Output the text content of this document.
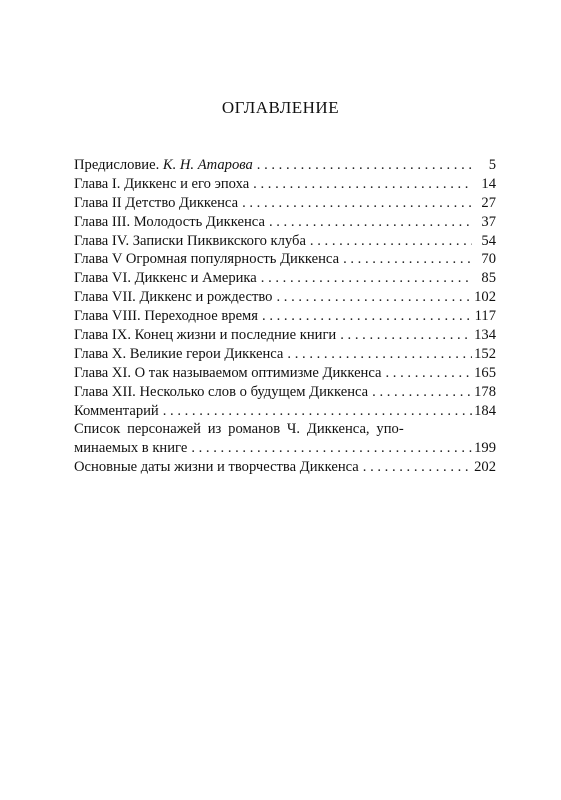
ОГЛАВЛЕНИЕ
Предисловие. К. Н. Атарова . . .	5
Глава I. Диккенс и его эпоха . . .	14
Глава II Детство Диккенса . . .	27
Глава III. Молодость Диккенса . . .	37
Глава IV. Записки Пиквикского клуба . . .	54
Глава V Огромная популярность Диккенса . . .	70
Глава VI. Диккенс и Америка . . .	85
Глава VII. Диккенс и рождество . . .	102
Глава VIII. Переходное время . . .	117
Глава IX. Конец жизни и последние книги . . .	134
Глава X. Великие герои Диккенса . . .	152
Глава XI. О так называемом оптимизме Диккенса . . .	165
Глава XII. Несколько слов о будущем Диккенса . . .	178
Комментарий . . .	184
Список персонажей из романов Ч. Диккенса, упо-
минаемых в книге . . .	199
Основные даты жизни и творчества Диккенса . . .	202
